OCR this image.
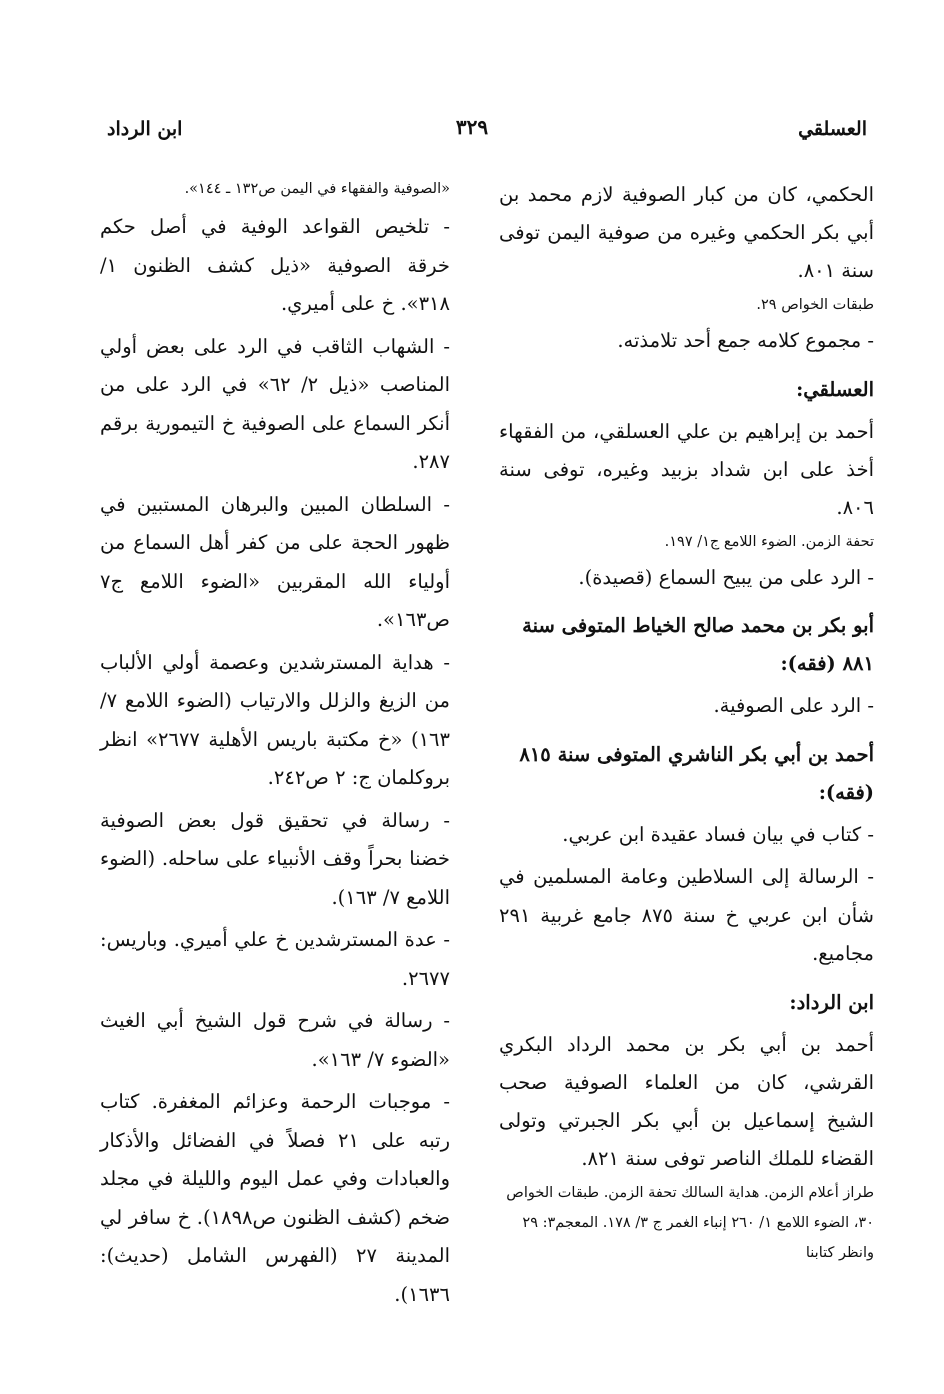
العسلقي
٣٢٩
ابن الرداد

الحكمي، كان من كبار الصوفية لازم محمد بن أبي بكر الحكمي وغيره من صوفية اليمن توفى سنة ٨٠١.

طبقات الخواص ٢٩.

- مجموع كلامه جمع أحد تلامذته.

العسلقي:

أحمد بن إبراهيم بن علي العسلقي، من الفقهاء أخذ على ابن شداد بزبيد وغيره، توفى سنة ٨٠٦.

تحفة الزمن. الضوء اللامع ج١/ ١٩٧.

- الرد على من يبيح السماع (قصيدة).

أبو بكر بن محمد صالح الخياط المتوفى سنة ٨٨١ (فقه):

- الرد على الصوفية.

أحمد بن أبي بكر الناشري المتوفى سنة ٨١٥ (فقه):

- كتاب في بيان فساد عقيدة ابن عربي.

- الرسالة إلى السلاطين وعامة المسلمين في شأن ابن عربي خ سنة ٨٧٥ جامع غربية ٢٩١ مجاميع.

ابن الرداد:

أحمد بن أبي بكر بن محمد الرداد البكري القرشي، كان من العلماء الصوفية صحب الشيخ إسماعيل بن أبي بكر الجبرتي وتولى القضاء للملك الناصر توفى سنة ٨٢١.

طراز أعلام الزمن. هداية السالك تحفة الزمن. طبقات الخواص ٣٠، الضوء اللامع ١/ ٢٦٠ إنباء الغمر ج ٣/ ١٧٨. المعجم٣: ٢٩ وانظر كتابنا

«الصوفية والفقهاء في اليمن ص١٣٢ ـ ١٤٤».

- تلخيص القواعد الوفية في أصل حكم خرقة الصوفية «ذيل كشف الظنون ١/ ٣١٨». خ على أميري.

- الشهاب الثاقب في الرد على بعض أولي المناصب «ذيل ٢/ ٦٢» في الرد على من أنكر السماع على الصوفية خ التيمورية برقم ٢٨٧.

- السلطان المبين والبرهان المستبين في ظهور الحجة على من كفر أهل السماع من أولياء الله المقربين «الضوء اللامع ج٧ ص١٦٣».

- هداية المسترشدين وعصمة أولي الألباب من الزيغ والزلل والارتياب (الضوء اللامع ٧/ ١٦٣) «خ مكتبة باريس الأهلية ٢٦٧٧» انظر بروكلمان ج: ٢ ص٢٤٢.

- رسالة في تحقيق قول بعض الصوفية خضنا بحراً وقف الأنبياء على ساحله. (الضوء اللامع ٧/ ١٦٣).

- عدة المسترشدين خ علي أميري. وباريس: ٢٦٧٧.

- رسالة في شرح قول الشيخ أبي الغيث «الضوء ٧/ ١٦٣».

- موجبات الرحمة وعزائم المغفرة. كتاب رتبه على ٢١ فصلاً في الفضائل والأذكار والعبادات وفي عمل اليوم والليلة في مجلد ضخم (كشف الظنون ص١٨٩٨). خ سافر لي المدينة ٢٧ (الفهرس الشامل (حديث): ١٦٣٦).
